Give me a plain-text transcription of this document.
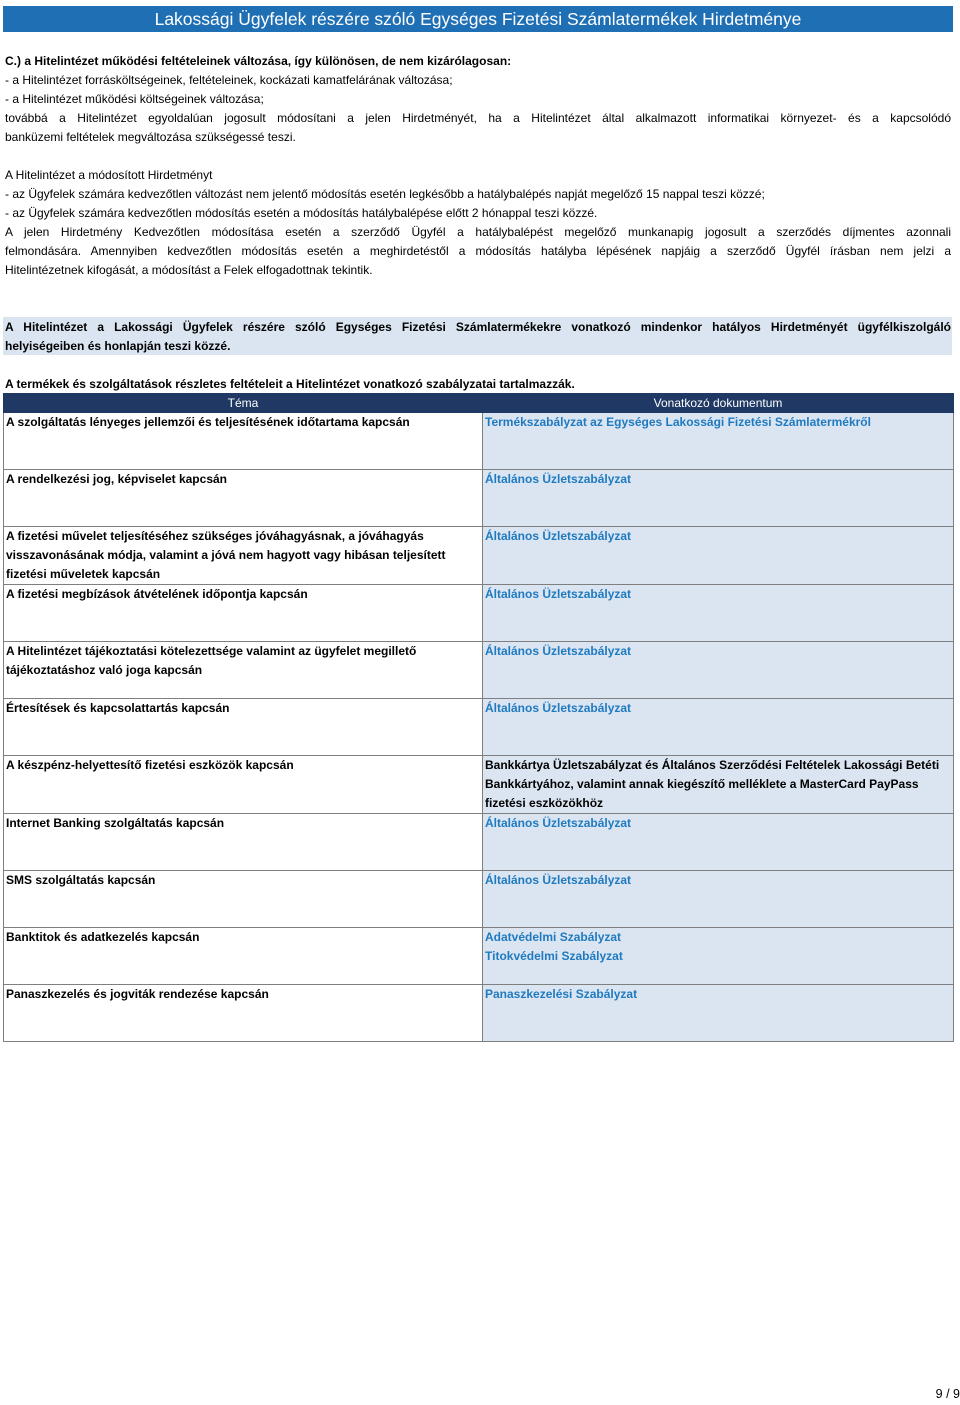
Lakossági Ügyfelek részére szóló Egységes Fizetési Számlatermékek Hirdetménye
C.) a Hitelintézet működési feltételeinek változása, így különösen, de nem kizárólagosan:
- a Hitelintézet forrásköltségeinek, feltételeinek, kockázati kamatfelárának változása;
- a Hitelintézet működési költségeinek változása;
továbbá a Hitelintézet egyoldalúan jogosult módosítani a jelen Hirdetményét, ha a Hitelintézet által alkalmazott informatikai környezet- és a kapcsolódó
banküzemi feltételek megváltozása szükségessé teszi.
A Hitelintézet a módosított Hirdetményt
- az Ügyfelek számára kedvezőtlen változást nem jelentő módosítás esetén legkésőbb a hatálybalépés napját megelőző 15 nappal teszi közzé;
- az Ügyfelek számára kedvezőtlen módosítás esetén a módosítás hatálybalépése előtt 2 hónappal teszi közzé.
A jelen Hirdetmény Kedvezőtlen módosítása esetén a szerződő Ügyfél a hatálybalépést megelőző munkanapig jogosult a szerződés díjmentes azonnali
felmondására. Amennyiben kedvezőtlen módosítás esetén a meghirdetéstől a módosítás hatályba lépésének napjáig a szerződő Ügyfél írásban nem jelzi a
Hitelintézetnek kifogását, a módosítást a Felek elfogadottnak tekintik.
A Hitelintézet a Lakossági Ügyfelek részére szóló Egységes Fizetési Számlatermékekre vonatkozó mindenkor hatályos Hirdetményét ügyfélkiszolgáló
helyiségeiben és honlapján teszi közzé.
A termékek és szolgáltatások részletes feltételeit a Hitelintézet vonatkozó szabályzatai tartalmazzák.
Téma	Vonatkozó dokumentum
A szolgáltatás lényeges jellemzői és teljesítésének időtartama kapcsán	Termékszabályzat az Egységes Lakossági Fizetési Számlatermékről

A rendelkezési jog, képviselet kapcsán	Általános Üzletszabályzat

A fizetési művelet teljesítéséhez szükséges jóváhagyásnak, a jóváhagyás visszavonásának módja, valamint a jóvá nem hagyott vagy hibásan teljesített fizetési műveletek kapcsán	Általános Üzletszabályzat

A fizetési megbízások átvételének időpontja kapcsán	Általános Üzletszabályzat

A Hitelintézet tájékoztatási kötelezettsége valamint az ügyfelet megillető tájékoztatáshoz való joga kapcsán	Általános Üzletszabályzat

Értesítések és kapcsolattartás kapcsán	Általános Üzletszabályzat

A készpénz-helyettesítő fizetési eszközök kapcsán	Bankkártya Üzletszabályzat és Általános Szerződési Feltételek Lakossági Betéti Bankkártyához, valamint annak kiegészítő melléklete a MasterCard PayPass fizetési eszközökhöz

Internet Banking szolgáltatás kapcsán	Általános Üzletszabályzat

SMS szolgáltatás kapcsán	Általános Üzletszabályzat

Banktitok és adatkezelés kapcsán	Adatvédelmi Szabályzat
Titokvédelmi Szabályzat

Panaszkezelés és jogviták rendezése kapcsán	Panaszkezelési Szabályzat
9 / 9
